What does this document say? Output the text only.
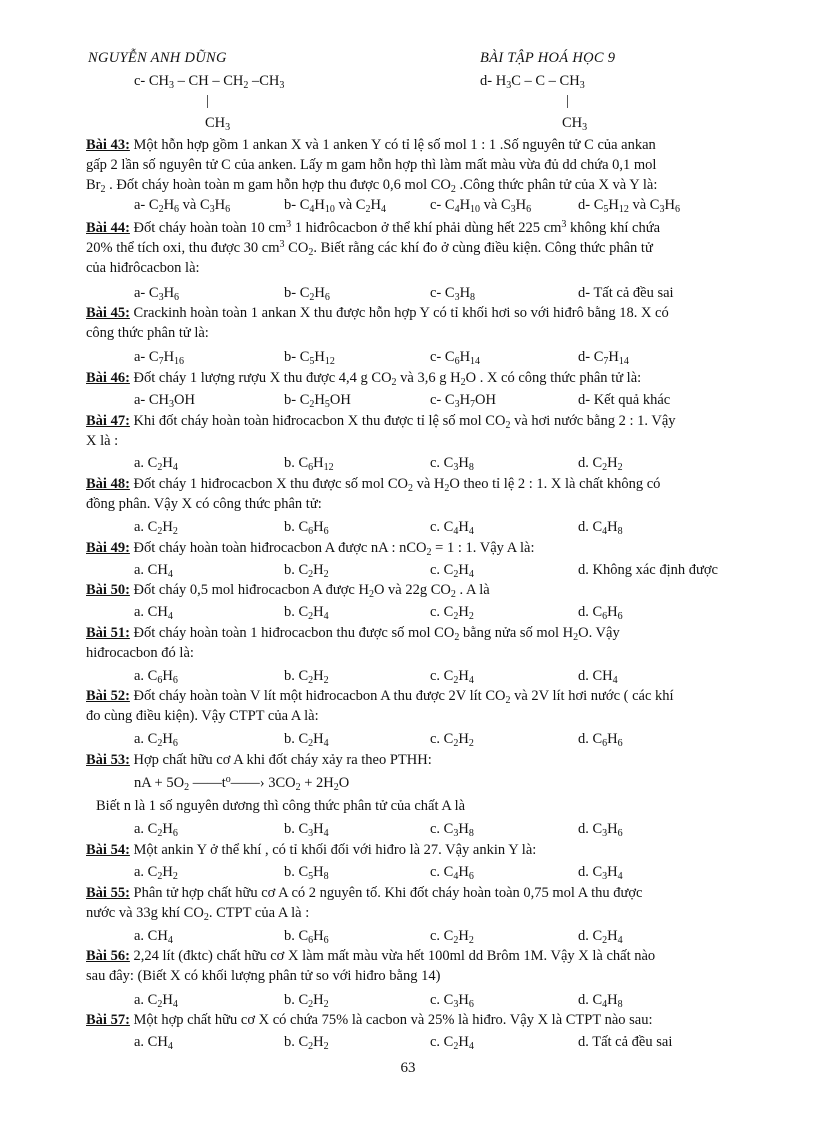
NGUYỄN ANH DŨNG	BÀI TẬP HOÁ HỌC 9
c- $CH_3$ – CH – $CH_2$ $-CH_3$
|
$CH_3$
d- $H_3C$ – C – $CH_3$
|
$CH_3$
Bài 43: Một hỗn hợp gồm 1 ankan X và 1 anken Y có tỉ lệ số mol 1 : 1 .Số nguyên tử C của ankan
gấp 2 lần số nguyên tử C của anken. Lấy m gam hỗn hợp thì làm mất màu vừa đủ dd chứa 0,1 mol
$Br_2$ . Đốt cháy hoàn toàn m gam hỗn hợp thu được 0,6 mol $CO_2$ .Công thức phân tử của X và Y là:
a- $C_2H_6$ và $C_3H_6$	b- $C_4H_{10}$ và $C_2H_4$	c- $C_4H_{10}$ và $C_3H_6$	d- $C_5H_{12}$ và $C_3H_6$
Bài 44: Đốt cháy hoàn toàn 10 $cm^3$ 1 hiđrôcacbon ở thể khí phải dùng hết 225 $cm^3$ không khí chứa
20% thể tích oxi, thu được 30 $cm^3$ $CO_2$. Biết rằng các khí đo ở cùng điều kiện. Công thức phân tử
của hiđrôcacbon là:
a- $C_3H_6$	b- $C_2H_6$	c- $C_3H_8$	d- Tất cả đều sai
Bài 45: Crackinh hoàn toàn 1 ankan X thu được hỗn hợp Y có tỉ khối hơi so với hiđrô bằng 18. X có
công thức phân tử là:
a- $C_7H_{16}$	b- $C_5H_{12}$	c- $C_6H_{14}$	d- $C_7H_{14}$
Bài 46: Đốt cháy 1 lượng rượu X thu được 4,4 g $CO_2$ và 3,6 g $H_2O$ . X có công thức phân tử là:
a- $CH_3OH$	b- $C_2H_5OH$	c- $C_3H_7OH$	d- Kết quả khác
Bài 47: Khi đốt cháy hoàn toàn hiđrocacbon X thu được tỉ lệ số mol $CO_2$ và hơi nước bằng 2 : 1. Vậy
X là :
a. $C_2H_4$	b. $C_6H_{12}$	c. $C_3H_8$	d. $C_2H_2$
Bài 48: Đốt cháy 1 hiđrocacbon X thu được số mol $CO_2$ và $H_2O$ theo tỉ lệ 2 : 1. X là chất không có
đồng phân. Vậy X có công thức phân tử:
a. $C_2H_2$	b. $C_6H_6$	c. $C_4H_4$	d. $C_4H_8$
Bài 49: Đốt cháy hoàn toàn hiđrocacbon A được nA : nCO$_2$ = 1 : 1. Vậy A là:
a. $CH_4$	b. $C_2H_2$	c. $C_2H_4$	d. Không xác định được
Bài 50: Đốt cháy 0,5 mol hiđrocacbon A được $H_2O$ và 22g $CO_2$ . A là
a. $CH_4$	b. $C_2H_4$	c. $C_2H_2$	d. $C_6H_6$
Bài 51: Đốt cháy hoàn toàn 1 hiđrocacbon thu được số mol $CO_2$ bằng nửa số mol $H_2O$. Vậy
hiđrocacbon đó là:
a. $C_6H_6$	b. $C_2H_2$	c. $C_2H_4$	d. $CH_4$
Bài 52: Đốt cháy hoàn toàn V lít một hiđrocacbon A thu được 2V lít $CO_2$ và 2V lít hơi nước ( các khí
đo cùng điều kiện). Vậy CTPT của A là:
a. $C_2H_6$	b. $C_2H_4$	c. $C_2H_2$	d. $C_6H_6$
Bài 53: Hợp chất hữu cơ A khi đốt cháy xảy ra theo PTHH:
nA + $5O_2$ $——t^o——›$ $3CO_2 + 2H_2O$
Biết n là 1 số nguyên dương thì công thức phân tử của chất A là
a. $C_2H_6$	b. $C_3H_4$	c. $C_3H_8$	d. $C_3H_6$
Bài 54: Một ankin Y ở thể khí , có tỉ khối đối với hiđro là 27. Vậy ankin Y là:
a. $C_2H_2$	b. $C_5H_8$	c. $C_4H_6$	d. $C_3H_4$
Bài 55: Phân tử hợp chất hữu cơ A có 2 nguyên tố. Khi đốt cháy hoàn toàn 0,75 mol A thu được
nước và 33g khí $CO_2$. CTPT của A là :
a. $CH_4$	b. $C_6H_6$	c. $C_2H_2$	d. $C_2H_4$
Bài 56: 2,24 lít (đktc) chất hữu cơ X làm mất màu vừa hết 100ml dd Brôm 1M. Vậy X là chất nào
sau đây: (Biết X có khối lượng phân tử so với hiđro bằng 14)
a. $C_2H_4$	b. $C_2H_2$	c. $C_3H_6$	d. $C_4H_8$
Bài 57: Một hợp chất hữu cơ X có chứa 75% là cacbon và 25% là hiđro. Vậy X là CTPT nào sau:
a. $CH_4$	b. $C_2H_2$	c. $C_2H_4$	d. Tất cả đều sai
63
